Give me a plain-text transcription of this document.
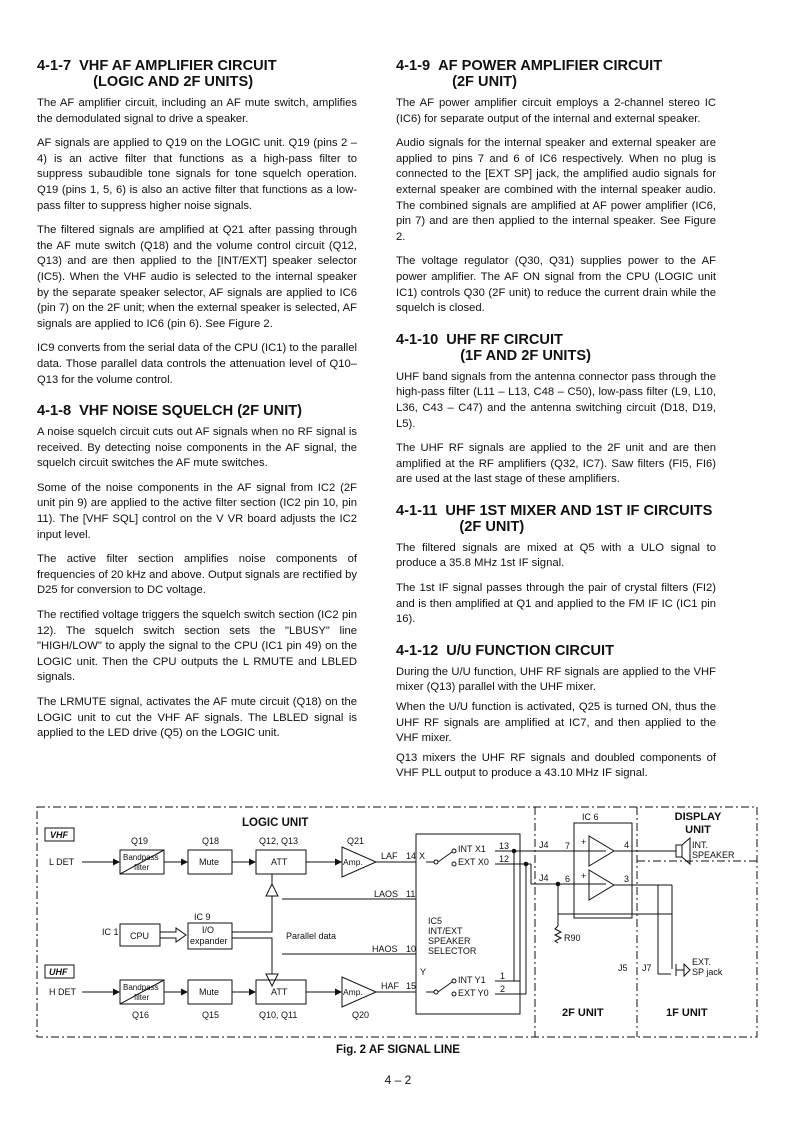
4-1-7 VHF AF AMPLIFIER CIRCUIT
(LOGIC AND 2F UNITS)

The AF amplifier circuit, including an AF mute switch, amplifies the demodulated signal to drive a speaker.

AF signals are applied to Q19 on the LOGIC unit. Q19 (pins 2 – 4) is an active filter that functions as a high-pass filter to suppress subaudible tone signals for tone squelch operation. Q19 (pins 1, 5, 6) is also an active filter that functions as a low-pass filter to suppress higher noise signals.

The filtered signals are amplified at Q21 after passing through the AF mute switch (Q18) and the volume control circuit (Q12, Q13) and are then applied to the [INT/EXT] speaker selector (IC5). When the VHF audio is selected to the internal speaker by the separate speaker selector, AF signals are applied to IC6 (pin 7) on the 2F unit; when the external speaker is selected, AF signals are applied to IC6 (pin 6). See Figure 2.

IC9 converts from the serial data of the CPU (IC1) to the parallel data. Those parallel data controls the attenuation level of Q10–Q13 for the volume control.

4-1-8 VHF NOISE SQUELCH (2F UNIT)

A noise squelch circuit cuts out AF signals when no RF signal is received. By detecting noise components in the AF signal, the squelch circuit switches the AF mute switches.

Some of the noise components in the AF signal from IC2 (2F unit pin 9) are applied to the active filter section (IC2 pin 10, pin 11). The [VHF SQL] control on the V VR board adjusts the IC2 input level.

The active filter section amplifies noise components of frequencies of 20 kHz and above. Output signals are rectified by D25 for conversion to DC voltage.

The rectified voltage triggers the squelch switch section (IC2 pin 12). The squelch switch section sets the "LBUSY" line "HIGH/LOW" to apply the signal to the CPU (IC1 pin 49) on the LOGIC unit. Then the CPU outputs the L RMUTE and LBLED signals.

The LRMUTE signal, activates the AF mute circuit (Q18) on the LOGIC unit to cut the VHF AF signals. The LBLED signal is applied to the LED drive (Q5) on the LOGIC unit.

4-1-9 AF POWER AMPLIFIER CIRCUIT
(2F UNIT)

The AF power amplifier circuit employs a 2-channel stereo IC (IC6) for separate output of the internal and external speaker.

Audio signals for the internal speaker and external speaker are applied to pins 7 and 6 of IC6 respectively. When no plug is connected to the [EXT SP] jack, the amplified audio signals for external speaker are combined with the internal speaker audio. The combined signals are amplified at AF power amplifier (IC6, pin 7) and are then applied to the internal speaker. See Figure 2.

The voltage regulator (Q30, Q31) supplies power to the AF power amplifier. The AF ON signal from the CPU (LOGIC unit IC1) controls Q30 (2F unit) to reduce the current drain while the squelch is closed.

4-1-10 UHF RF CIRCUIT
(1F AND 2F UNITS)

UHF band signals from the antenna connector pass through the high-pass filter (L11 – L13, C48 – C50), low-pass filter (L9, L10, L36, C43 – C47) and the antenna switching circuit (D18, D19, L5).

The UHF RF signals are applied to the 2F unit and are then amplified at the RF amplifiers (Q32, IC7). Saw filters (FI5, FI6) are used at the last stage of these amplifiers.

4-1-11 UHF 1ST MIXER AND 1ST IF CIRCUITS
(2F UNIT)

The filtered signals are mixed at Q5 with a ULO signal to produce a 35.8 MHz 1st IF signal.

The 1st IF signal passes through the pair of crystal filters (FI2) and is then amplified at Q1 and applied to the FM IF IC (IC1 pin 16).

4-1-12 U/U FUNCTION CIRCUIT

During the U/U function, UHF RF signals are applied to the VHF mixer (Q13) parallel with the UHF mixer.

When the U/U function is activated, Q25 is turned ON, thus the UHF RF signals are amplified at IC7, and then applied to the VHF mixer.

Q13 mixers the UHF RF signals and doubled components of VHF PLL output to produce a 43.10 MHz IF signal.

LOGIC UNIT	DISPLAY
UNIT
VHF
UHF
Q19	Q18	Q12, Q13	Q21
L DET	Bandpass
filter
Mute	ATT	Amp.
LAF 14 X
Y
IC5
INT/EXT
SPEAKER
SELECTOR
INT X1
EXT X0
INT Y1
EXT Y0
13
12
1
2
J4
J4
IC 6
7
6
+
+
4
3
INT.
SPEAKER
R90
EXT.
SP jack
J5 J7
LAOS 11
HAOS 10
IC 1 CPU
IC 9
I/O
expander	Parallel data
H DET	Bandpass
filter
Mute	ATT	Amp.
HAF 15
Q16	Q15	Q10, Q11	Q20	2F UNIT	1F UNIT
Fig. 2 AF SIGNAL LINE
4 – 2
